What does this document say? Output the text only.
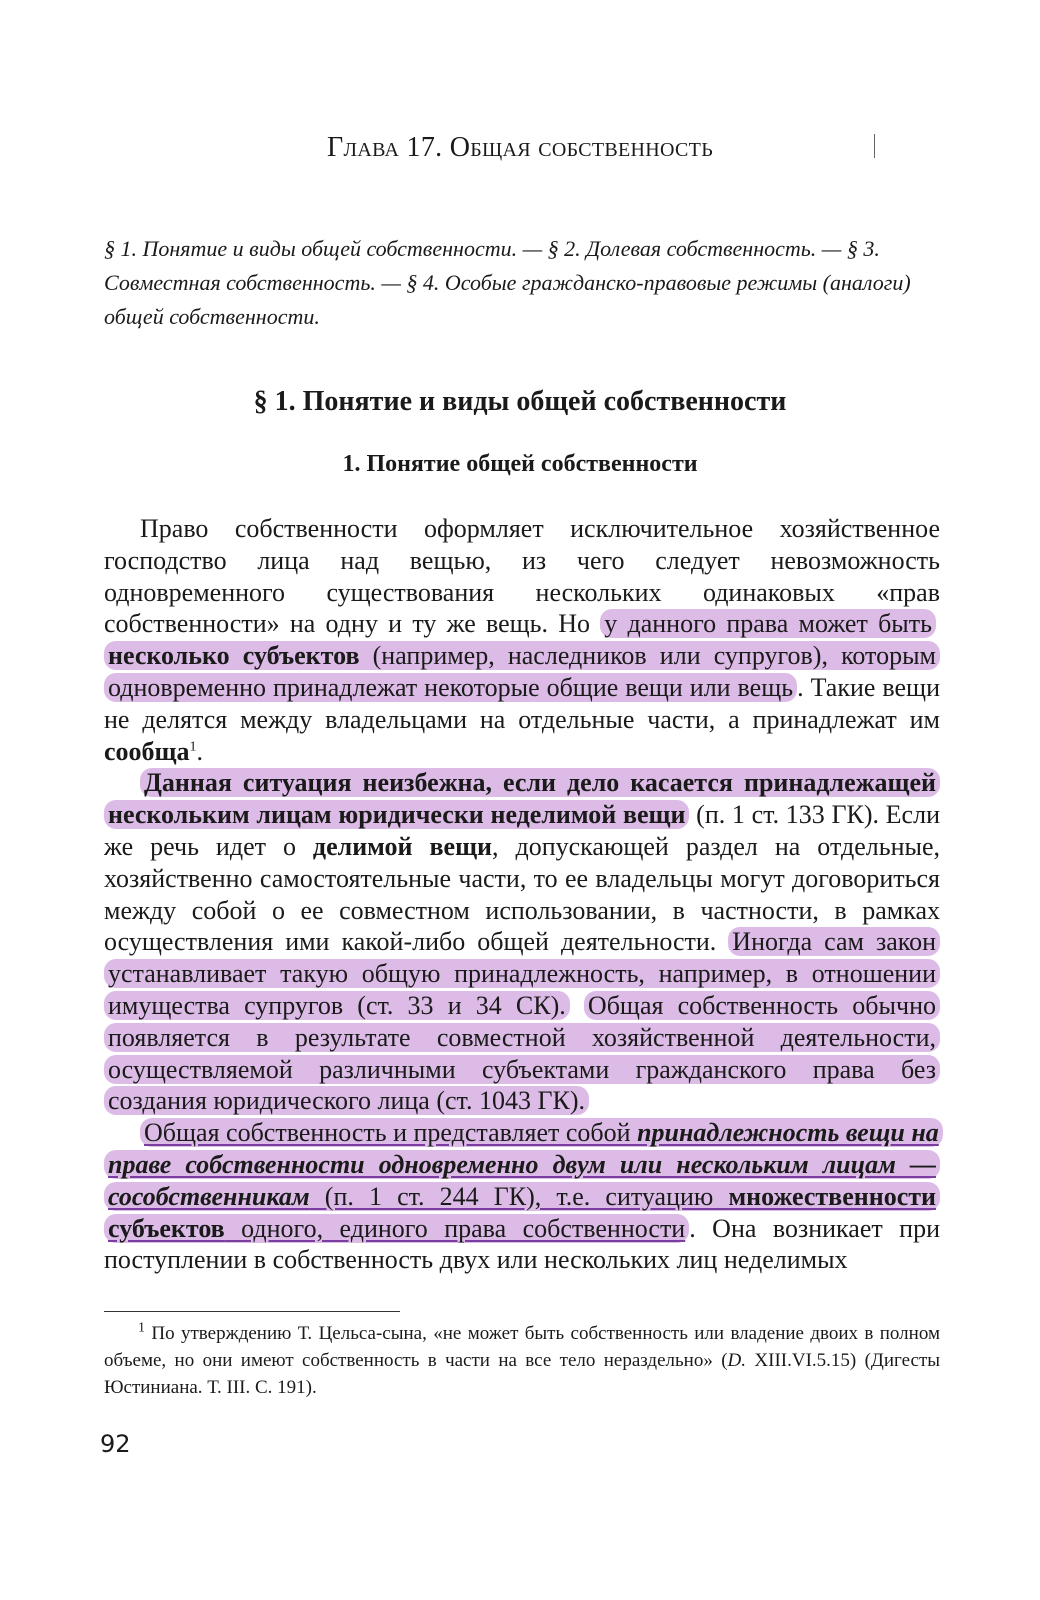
Глава 17. Общая собственность
§ 1. Понятие и виды общей собственности. — § 2. Долевая собственность. — § 3. Совместная собственность. — § 4. Особые гражданско-правовые режимы (аналоги) общей собственности.
§ 1. Понятие и виды общей собственности
1. Понятие общей собственности

Право собственности оформляет исключительное хозяйственное господство лица над вещью, из чего следует невозможность одновременного существования нескольких одинаковых «прав собственности» на одну и ту же вещь. Но у данного права может быть несколько субъектов (например, наследников или супругов), которым одновременно принадлежат некоторые общие вещи или вещь . Такие вещи не делятся между владельцами на отдельные части, а принадлежат им сообща$^1$.

Данная ситуация неизбежна, если дело касается принадлежащей нескольким лицам юридически неделимой вещи (п. 1 ст. 133 ГК). Если же речь идет о делимой вещи, допускающей раздел на отдельные, хозяйственно самостоятельные части, то ее владельцы могут договориться между собой о ее совместном использовании, в частности, в рамках осуществления ими какой-либо общей деятельности. Иногда сам закон устанавливает такую общую принадлежность, например, в отношении имущества супругов (ст. 33 и 34 СК). Общая собственность обычно появляется в результате совместной хозяйственной деятельности, осуществляемой различными субъектами гражданского права без создания юридического лица (ст. 1043 ГК).

Общая собственность и представляет собой принадлежность вещи на праве собственности одновременно двум или нескольким лицам — сособственникам (п. 1 ст. 244 ГК), т.е. ситуацию множественности субъектов одного, единого права собственности . Она возникает при поступлении в собственность двух или нескольких лиц неделимых

$^1$ По утверждению Т. Цельса-сына, «не может быть собственность или владение двоих в полном объеме, но они имеют собственность в части на все тело нераздельно» (D. XIII.VI.5.15) (Дигесты Юстиниана. Т. III. С. 191).
92
